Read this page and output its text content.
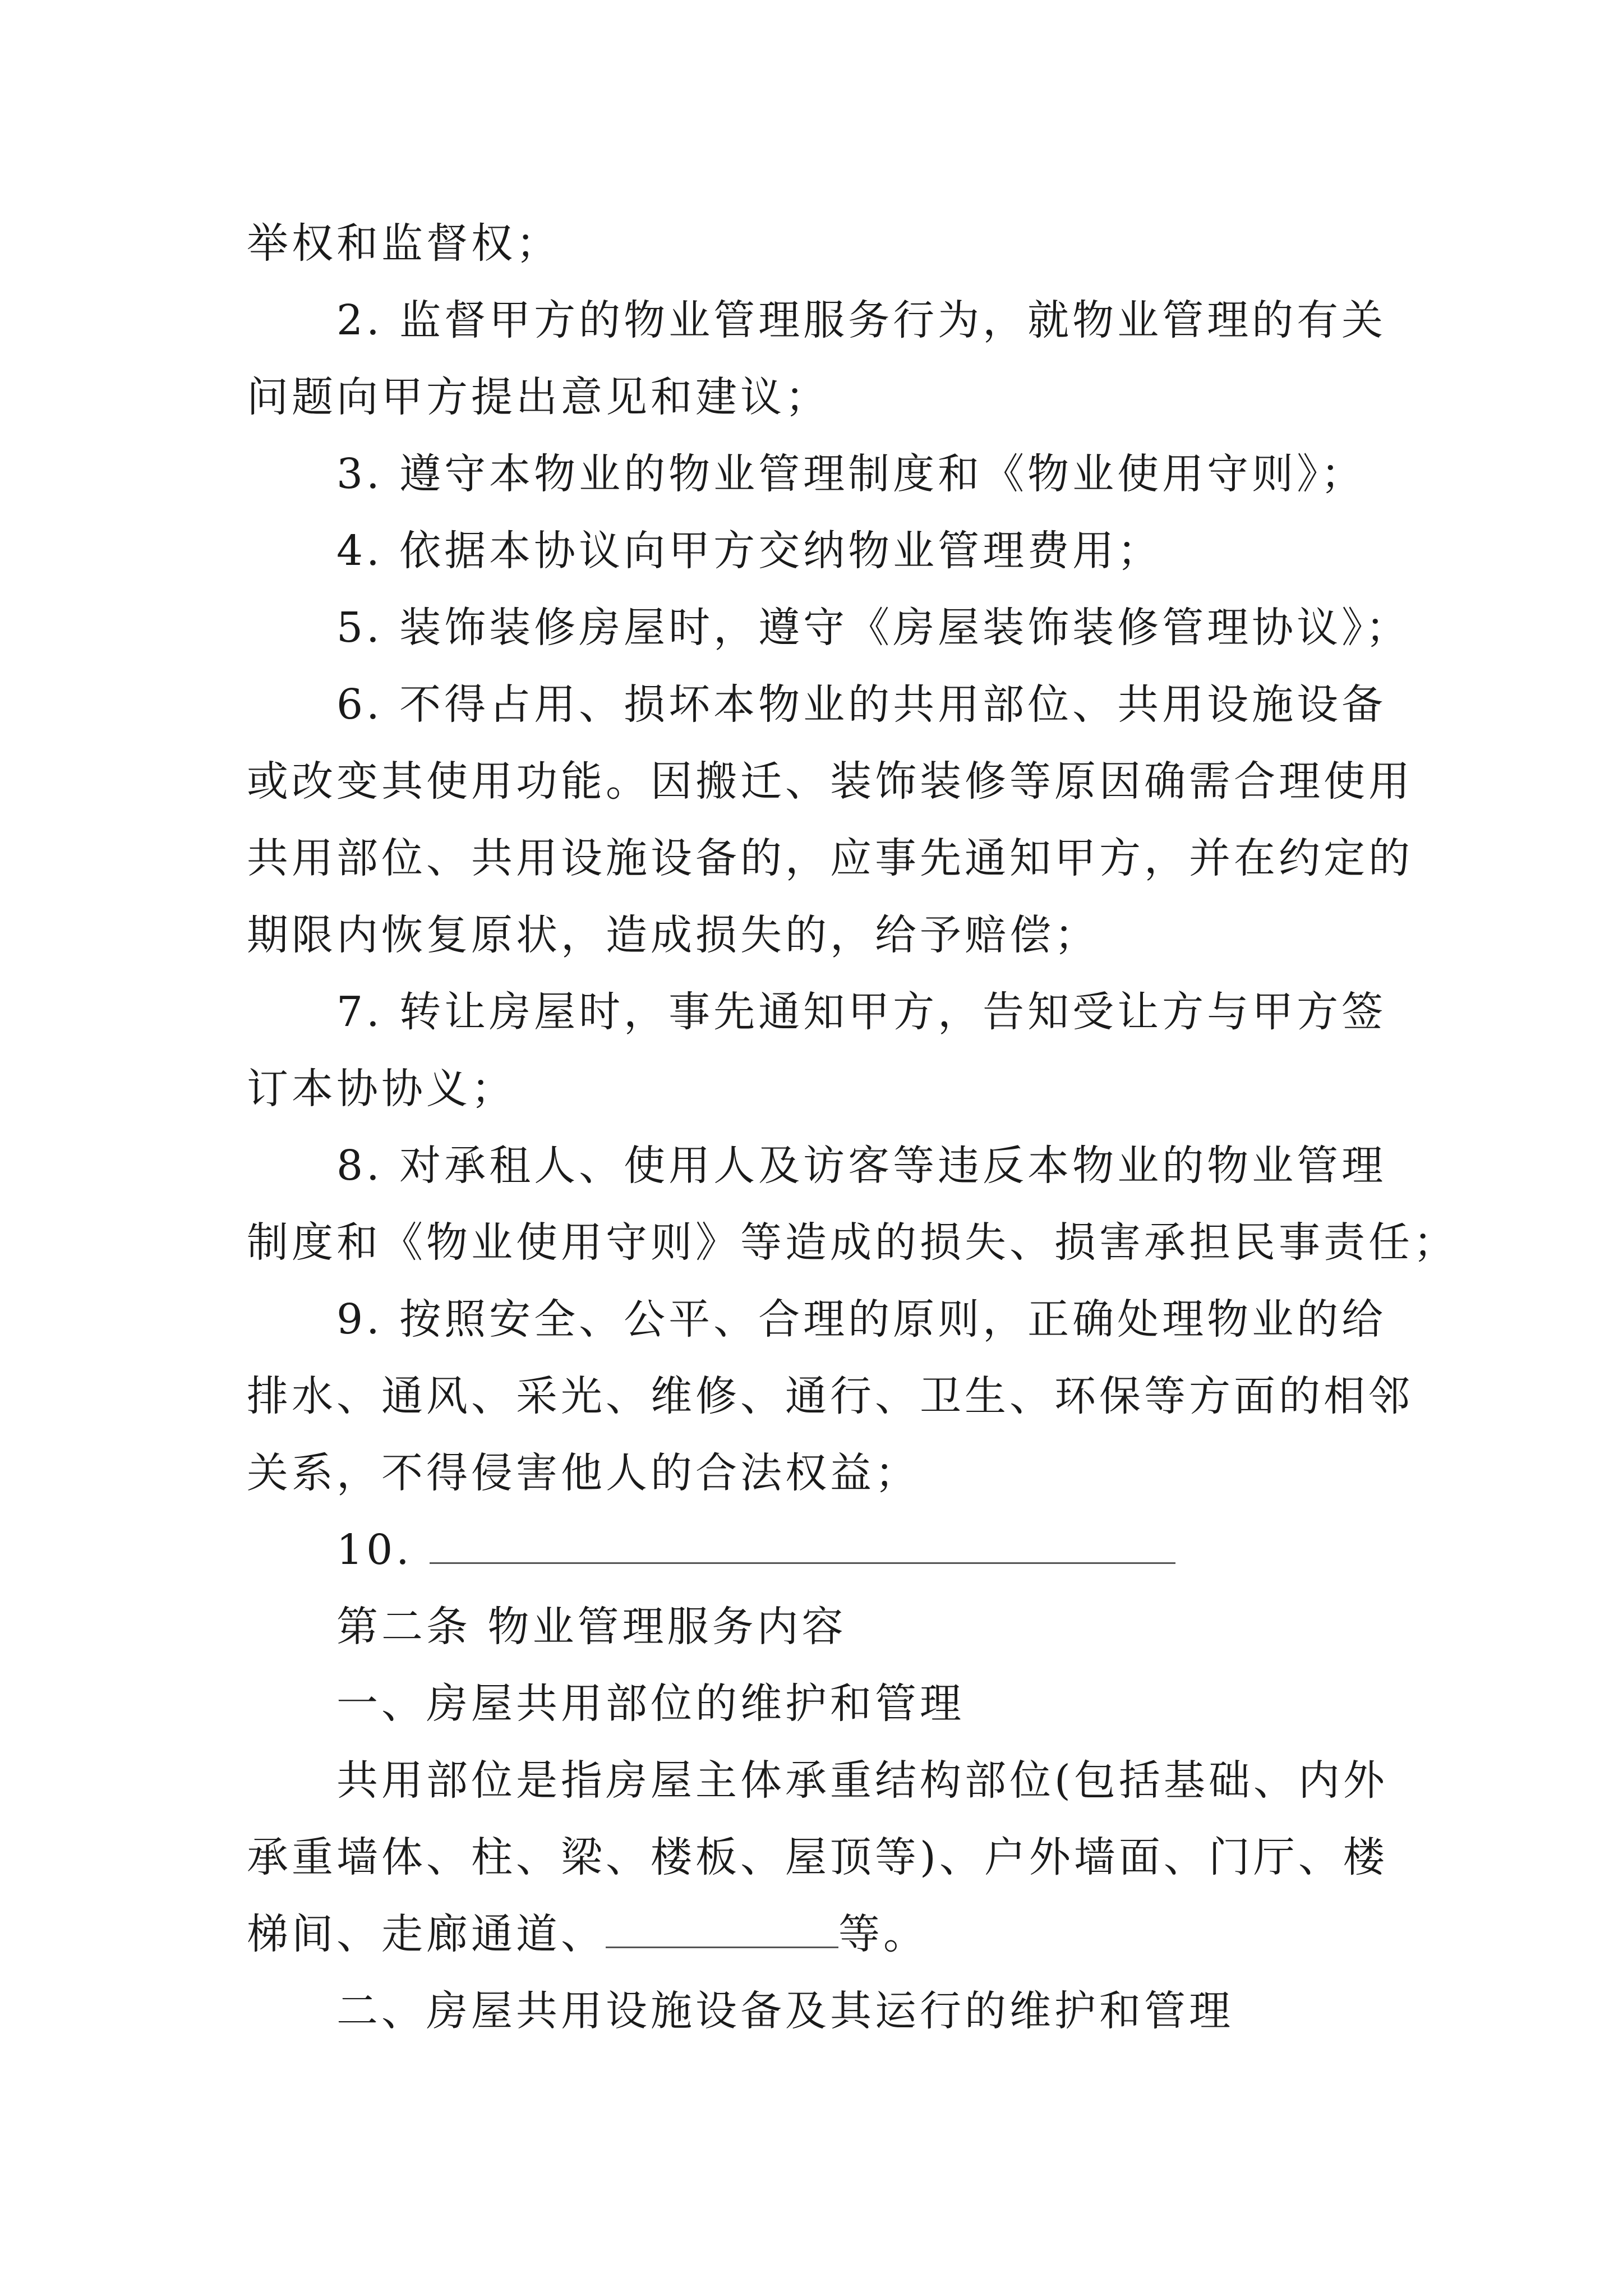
举权和监督权；
2. 监督甲方的物业管理服务行为，就物业管理的有关
问题向甲方提出意见和建议；
3. 遵守本物业的物业管理制度和《物业使用守则》；
4. 依据本协议向甲方交纳物业管理费用；
5. 装饰装修房屋时，遵守《房屋装饰装修管理协议》；
6. 不得占用、损坏本物业的共用部位、共用设施设备
或改变其使用功能。因搬迁、装饰装修等原因确需合理使用
共用部位、共用设施设备的，应事先通知甲方，并在约定的
期限内恢复原状，造成损失的，给予赔偿；
7. 转让房屋时，事先通知甲方，告知受让方与甲方签
订本协协义；
8. 对承租人、使用人及访客等违反本物业的物业管理
制度和《物业使用守则》等造成的损失、损害承担民事责任；
9. 按照安全、公平、合理的原则，正确处理物业的给
排水、通风、采光、维修、通行、卫生、环保等方面的相邻
关系，不得侵害他人的合法权益；
10.
第二条 物业管理服务内容
一、房屋共用部位的维护和管理
共用部位是指房屋主体承重结构部位(包括基础、内外
承重墙体、柱、梁、楼板、屋顶等)、户外墙面、门厅、楼
梯间、走廊通道、	等。
二、房屋共用设施设备及其运行的维护和管理
